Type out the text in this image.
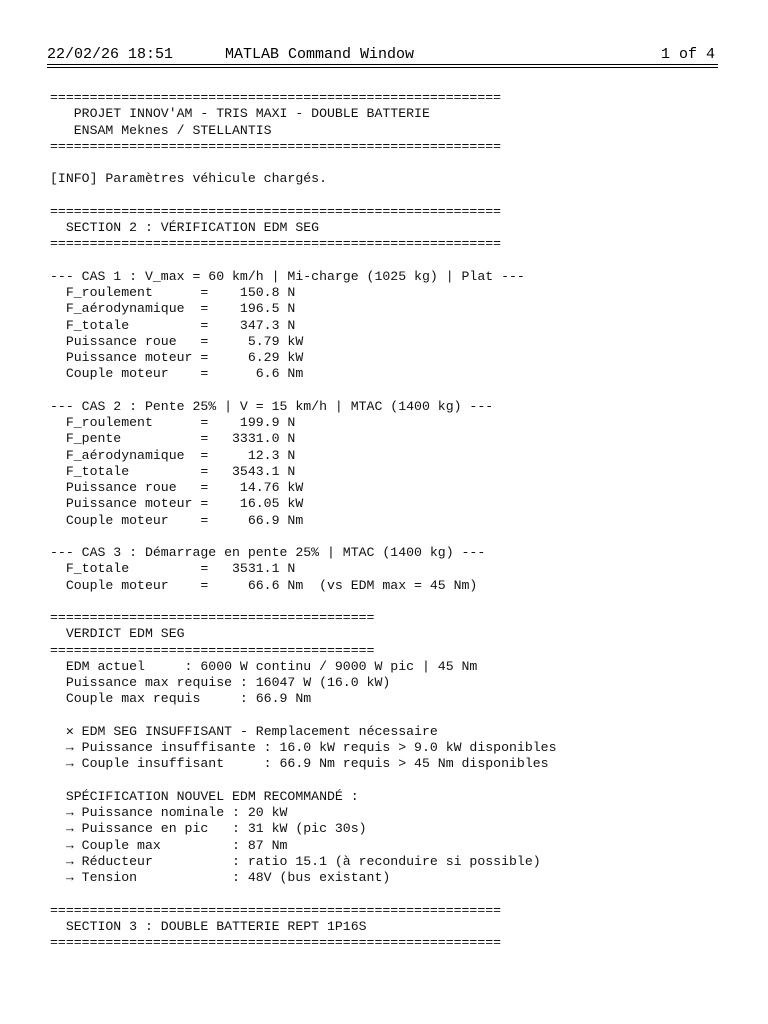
22/02/26 18:51

	MATLAB Command Window

	1 of 4

=========================================================
PROJET INNOV'AM - TRIS MAXI - DOUBLE BATTERIE
ENSAM Meknes / STELLANTIS
=========================================================

[INFO] Paramètres véhicule chargés.

=========================================================
SECTION 2 : VÉRIFICATION EDM SEG
=========================================================

--- CAS 1 : V_max = 60 km/h | Mi-charge (1025 kg) | Plat ---
F_roulement      =    150.8 N
F_aérodynamique  =    196.5 N
F_totale         =    347.3 N
Puissance roue   =     5.79 kW
Puissance moteur =     6.29 kW
Couple moteur    =      6.6 Nm

--- CAS 2 : Pente 25% | V = 15 km/h | MTAC (1400 kg) ---
F_roulement      =    199.9 N
F_pente          =   3331.0 N
F_aérodynamique  =     12.3 N
F_totale         =   3543.1 N
Puissance roue   =    14.76 kW
Puissance moteur =    16.05 kW
Couple moteur    =     66.9 Nm

--- CAS 3 : Démarrage en pente 25% | MTAC (1400 kg) ---
F_totale         =   3531.1 N
Couple moteur    =     66.6 Nm  (vs EDM max = 45 Nm)

=========================================
VERDICT EDM SEG
=========================================
EDM actuel     : 6000 W continu / 9000 W pic | 45 Nm
Puissance max requise : 16047 W (16.0 kW)
Couple max requis     : 66.9 Nm

✕ EDM SEG INSUFFISANT - Remplacement nécessaire
→ Puissance insuffisante : 16.0 kW requis > 9.0 kW disponibles
→ Couple insuffisant     : 66.9 Nm requis > 45 Nm disponibles

SPÉCIFICATION NOUVEL EDM RECOMMANDÉ :
→ Puissance nominale : 20 kW
→ Puissance en pic   : 31 kW (pic 30s)
→ Couple max         : 87 Nm
→ Réducteur          : ratio 15.1 (à reconduire si possible)
→ Tension            : 48V (bus existant)

=========================================================
SECTION 3 : DOUBLE BATTERIE REPT 1P16S
=========================================================
